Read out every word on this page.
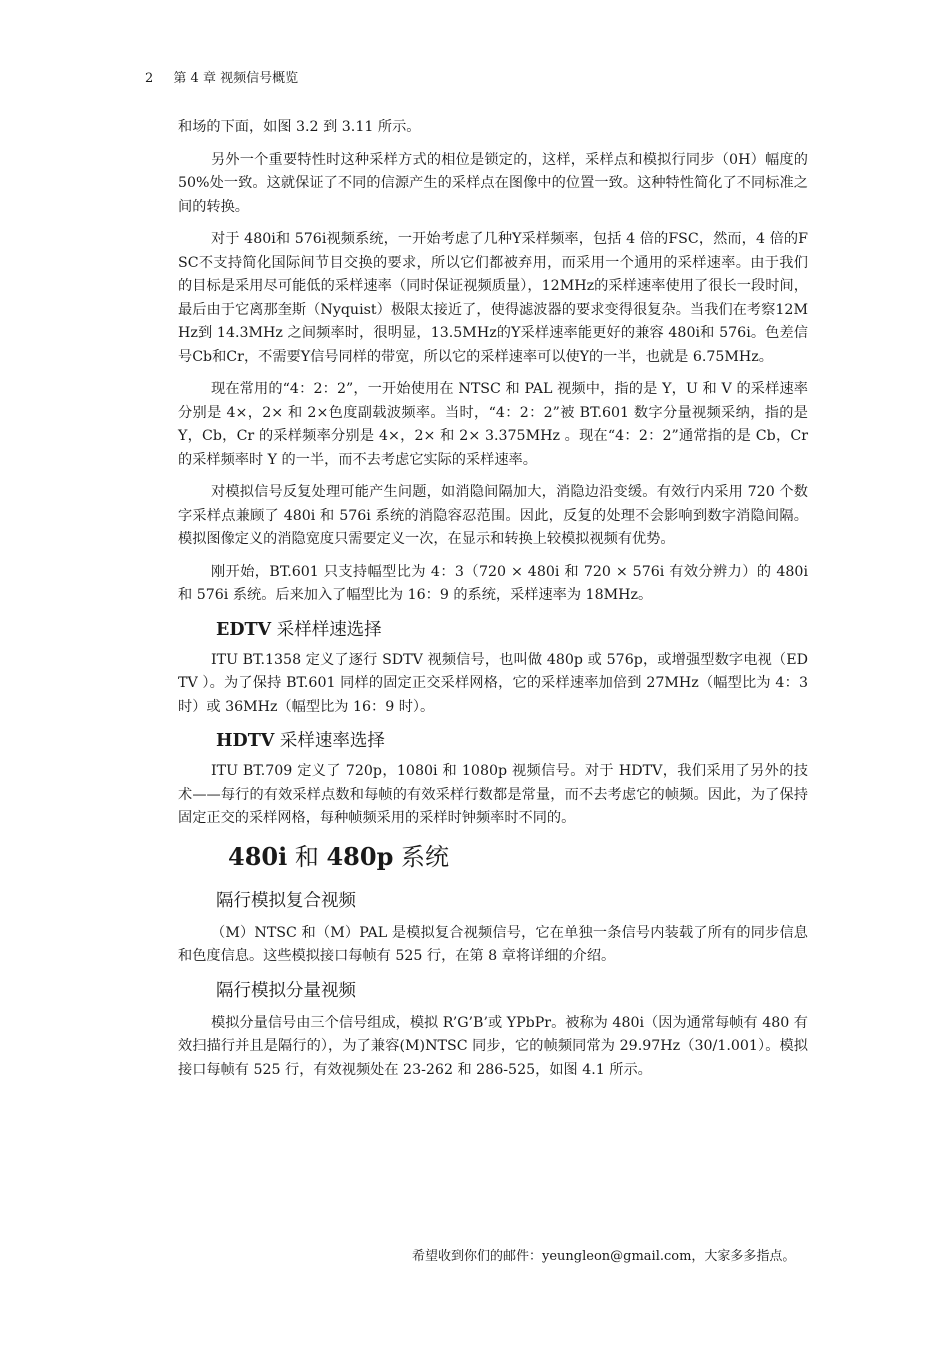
2 第 4 章 视频信号概览

和场的下面，如图 3.2 到 3.11 所示。

另外一个重要特性时这种采样方式的相位是锁定的，这样，采样点和模拟行同步（0H）幅度的 50%处一致。这就保证了不同的信源产生的采样点在图像中的位置一致。这种特性简化了不同标准之间的转换。

对于 480i和 576i视频系统，一开始考虑了几种Y采样频率，包括 4 倍的FSC，然而，4 倍的FSC不支持简化国际间节目交换的要求，所以它们都被弃用，而采用一个通用的采样速率。由于我们的目标是采用尽可能低的采样速率（同时保证视频质量），12MHz的采样速率使用了很长一段时间，最后由于它离那奎斯（Nyquist）极限太接近了，使得滤波器的要求变得很复杂。当我们在考察12MHz到 14.3MHz 之间频率时，很明显，13.5MHz的Y采样速率能更好的兼容 480i和 576i。色差信号Cb和Cr，不需要Y信号同样的带宽，所以它的采样速率可以使Y的一半，也就是 6.75MHz。

现在常用的“4：2：2”，一开始使用在 NTSC 和 PAL 视频中，指的是 Y，U 和 V 的采样速率分别是 4×，2× 和 2×色度副载波频率。当时，“4：2：2”被 BT.601 数字分量视频采纳，指的是 Y，Cb，Cr 的采样频率分别是 4×，2× 和 2× 3.375MHz 。现在“4：2：2”通常指的是 Cb，Cr 的采样频率时 Y 的一半，而不去考虑它实际的采样速率。

对模拟信号反复处理可能产生问题，如消隐间隔加大，消隐边沿变缓。有效行内采用 720 个数字采样点兼顾了 480i 和 576i 系统的消隐容忍范围。因此，反复的处理不会影响到数字消隐间隔。模拟图像定义的消隐宽度只需要定义一次，在显示和转换上较模拟视频有优势。

刚开始，BT.601 只支持幅型比为 4：3（720 × 480i 和 720 × 576i 有效分辨力）的 480i 和 576i 系统。后来加入了幅型比为 16：9 的系统，采样速率为 18MHz。

EDTV 采样样速选择

ITU BT.1358 定义了逐行 SDTV 视频信号，也叫做 480p 或 576p，或增强型数字电视（EDTV ）。为了保持 BT.601 同样的固定正交采样网格，它的采样速率加倍到 27MHz（幅型比为 4：3 时）或 36MHz（幅型比为 16：9 时）。

HDTV 采样速率选择

ITU BT.709 定义了 720p，1080i 和 1080p 视频信号。对于 HDTV，我们采用了另外的技术——每行的有效采样点数和每帧的有效采样行数都是常量，而不去考虑它的帧频。因此，为了保持固定正交的采样网格，每种帧频采用的采样时钟频率时不同的。

480i 和 480p 系统
隔行模拟复合视频

（M）NTSC 和（M）PAL 是模拟复合视频信号，它在单独一条信号内装载了所有的同步信息和色度信息。这些模拟接口每帧有 525 行，在第 8 章将详细的介绍。

隔行模拟分量视频

模拟分量信号由三个信号组成，模拟 R’G’B’或 YPbPr。被称为 480i（因为通常每帧有 480 有效扫描行并且是隔行的），为了兼容(M)NTSC 同步，它的帧频同常为 29.97Hz（30/1.001）。模拟接口每帧有 525 行，有效视频处在 23-262 和 286-525，如图 4.1 所示。

希望收到你们的邮件：yeungleon@gmail.com，大家多多指点。
